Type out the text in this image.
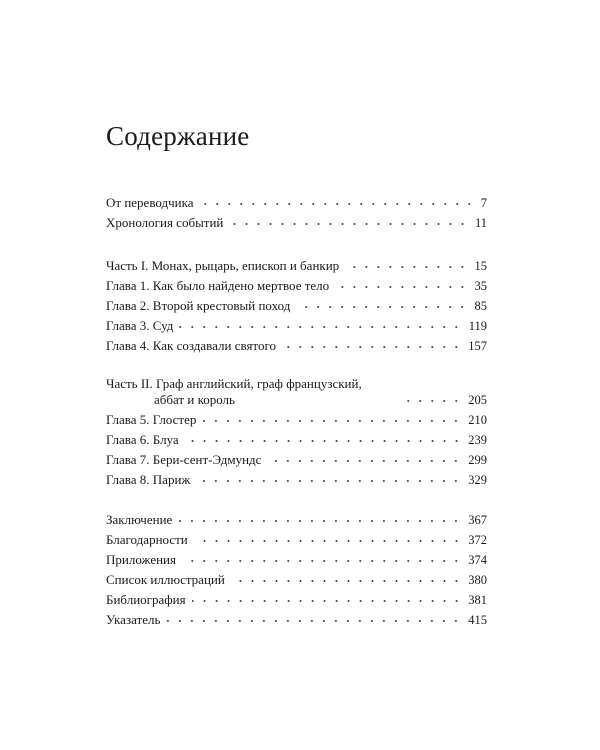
Содержание
От переводчика	7
Хронология событий	11
Часть I. Монах, рыцарь, епископ и банкир	15
Глава 1. Как было найдено мертвое тело	35
Глава 2. Второй крестовый поход	85
Глава 3. Суд	119
Глава 4. Как создавали святого	157
Часть II. Граф английский, граф французский,
аббат и король	205
Глава 5. Глостер	210
Глава 6. Блуа	239
Глава 7. Бери-сент-Эдмундс	299
Глава 8. Париж	329
Заключение	367
Благодарности	372
Приложения	374
Список иллюстраций	380
Библиография	381
Указатель	415
